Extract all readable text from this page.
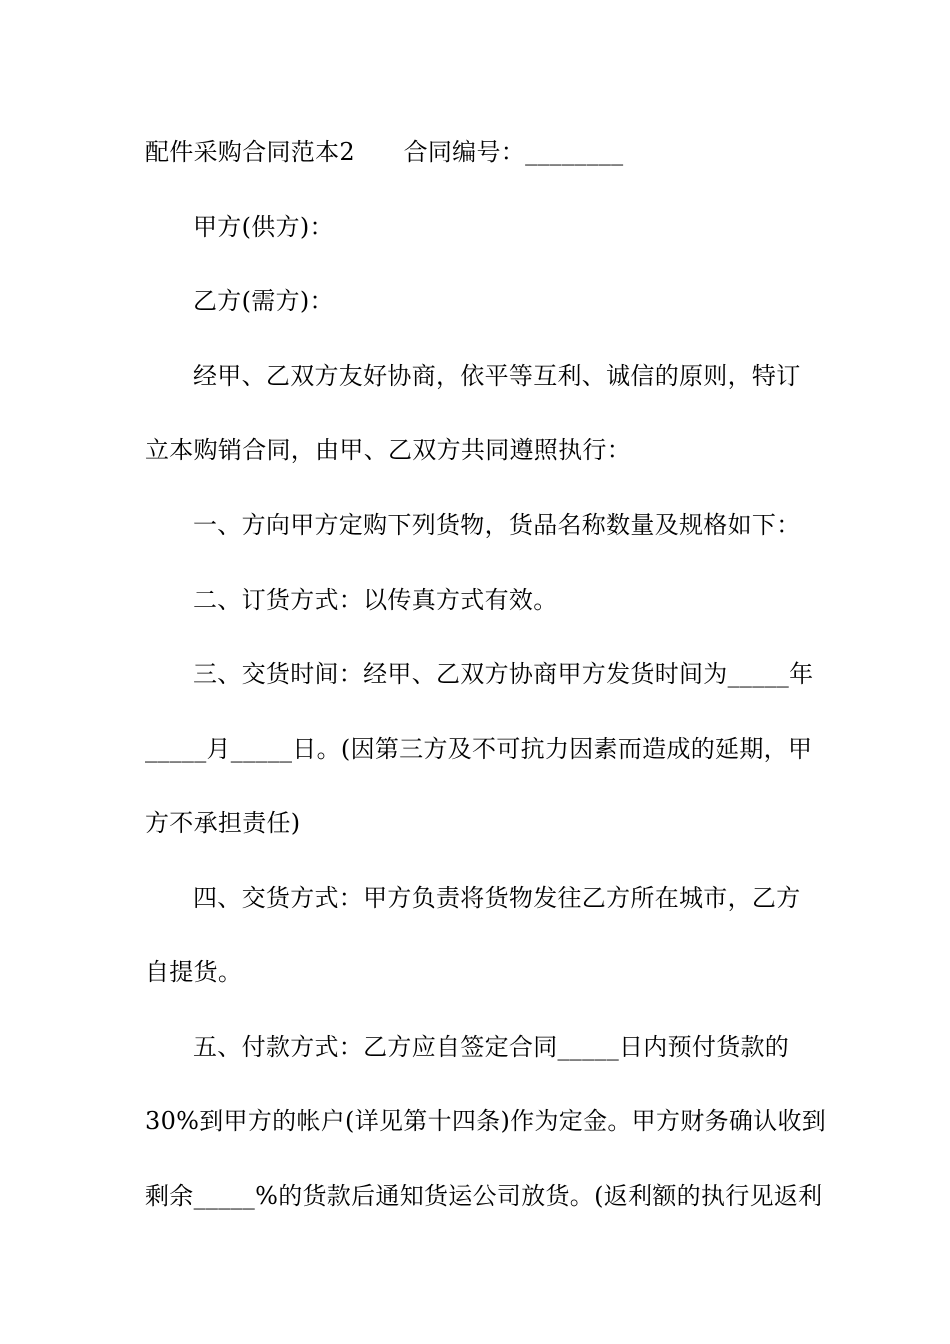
配件采购合同范本2　　合同编号：________
甲方(供方)：
乙方(需方)：
经甲、乙双方友好协商，依平等互利、诚信的原则，特订
立本购销合同，由甲、乙双方共同遵照执行：
一、方向甲方定购下列货物，货品名称数量及规格如下：
二、订货方式：以传真方式有效。
三、交货时间：经甲、乙双方协商甲方发货时间为_____年
_____月_____日。(因第三方及不可抗力因素而造成的延期，甲
方不承担责任)
四、交货方式：甲方负责将货物发往乙方所在城市，乙方
自提货。
五、付款方式：乙方应自签定合同_____日内预付货款的
30%到甲方的帐户(详见第十四条)作为定金。甲方财务确认收到
剩余_____%的货款后通知货运公司放货。(返利额的执行见返利
